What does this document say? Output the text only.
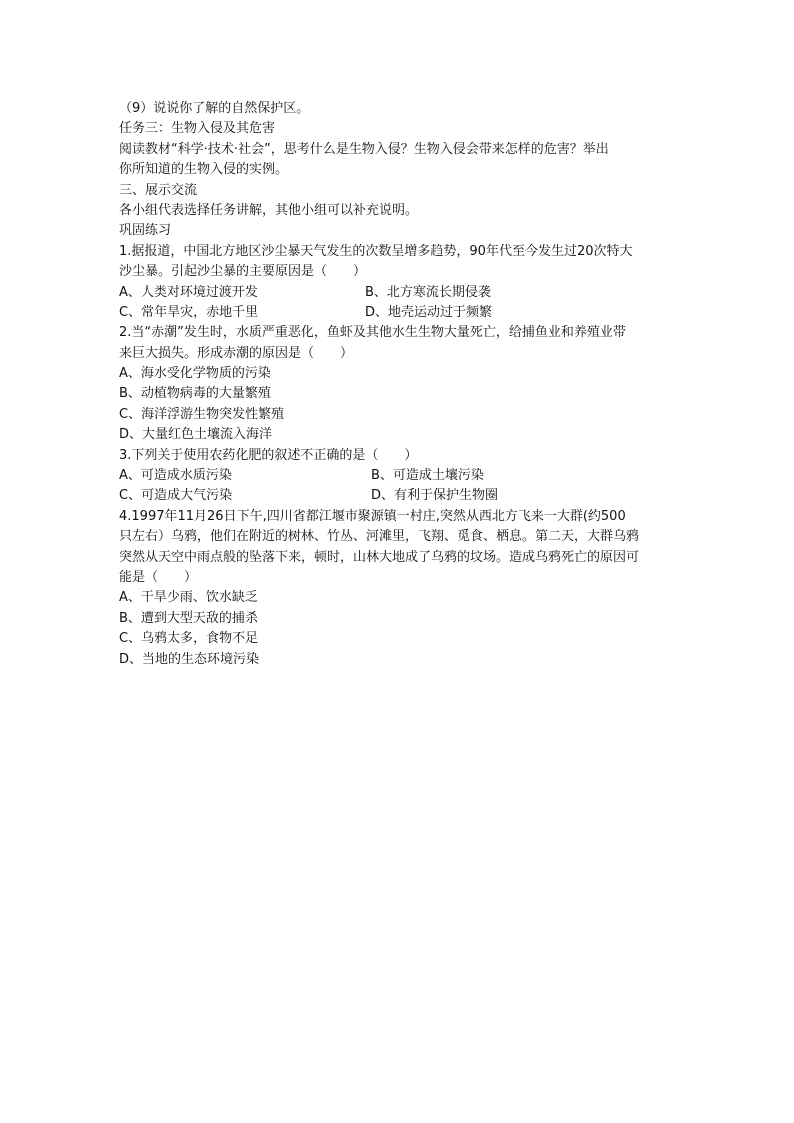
（9）说说你了解的自然保护区。
任务三：生物入侵及其危害
阅读教材“科学·技术·社会”，思考什么是生物入侵？生物入侵会带来怎样的危害？举出
你所知道的生物入侵的实例。
三、展示交流
各小组代表选择任务讲解，其他小组可以补充说明。
巩固练习
1.据报道，中国北方地区沙尘暴天气发生的次数呈增多趋势，90年代至今发生过20次特大
沙尘暴。引起沙尘暴的主要原因是（　　）
A、人类对环境过渡开发	B、北方寒流长期侵袭
C、常年旱灾，赤地千里	D、地壳运动过于频繁
2.当“赤潮”发生时，水质严重恶化，鱼虾及其他水生生物大量死亡，给捕鱼业和养殖业带
来巨大损失。形成赤潮的原因是（　　）
A、海水受化学物质的污染
B、动植物病毒的大量繁殖
C、海洋浮游生物突发性繁殖
D、大量红色土壤流入海洋
3.下列关于使用农药化肥的叙述不正确的是（　　）
A、可造成水质污染	B、可造成土壤污染
C、可造成大气污染	D、有利于保护生物圈
4.1997年11月26日下午,四川省都江堰市聚源镇一村庄,突然从西北方飞来一大群(约500
只左右）乌鸦，他们在附近的树林、竹丛、河滩里，飞翔、觅食、栖息。第二天，大群乌鸦
突然从天空中雨点般的坠落下来，顿时，山林大地成了乌鸦的坟场。造成乌鸦死亡的原因可
能是（　　）
A、干旱少雨、饮水缺乏
B、遭到大型天敌的捕杀
C、乌鸦太多，食物不足
D、当地的生态环境污染
